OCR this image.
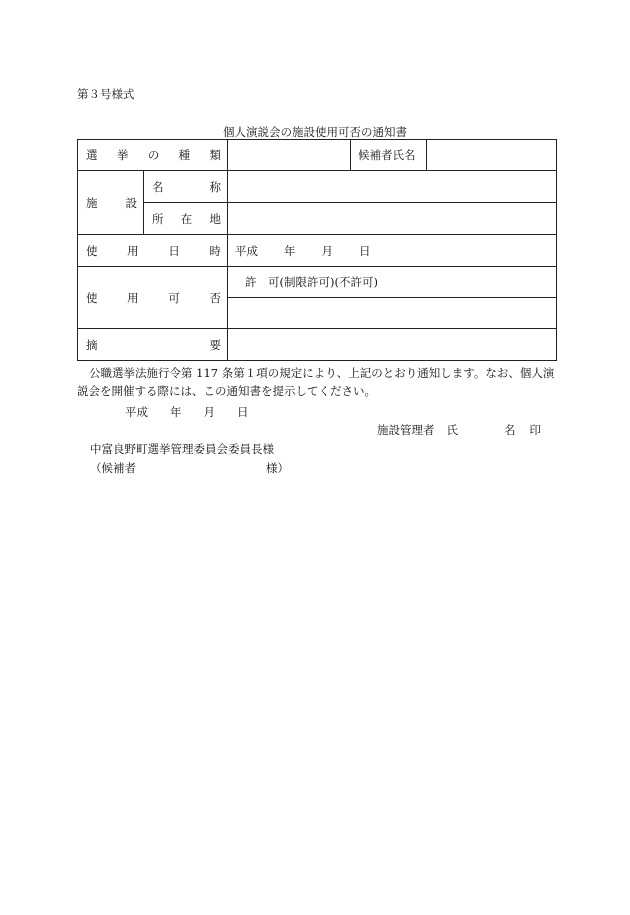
第３号様式
個人演説会の施設使用可否の通知書
選 挙 の 種 類			候補者氏名	

施 設	名 称			

	所 在 地			

使 用 日 時		平成 年 月 日		

使 用 可 否		許　可(制限許可)(不許可)		

摘 要				

公職選挙法施行令第 117 条第１項の規定により、上記のとおり通知します。なお、個人演説会を開催する際には、この通知書を提示してください。
平成 年 月 日
施設管理者 氏	名 印
中富良野町選挙管理委員会委員長様
（候補者	様）
